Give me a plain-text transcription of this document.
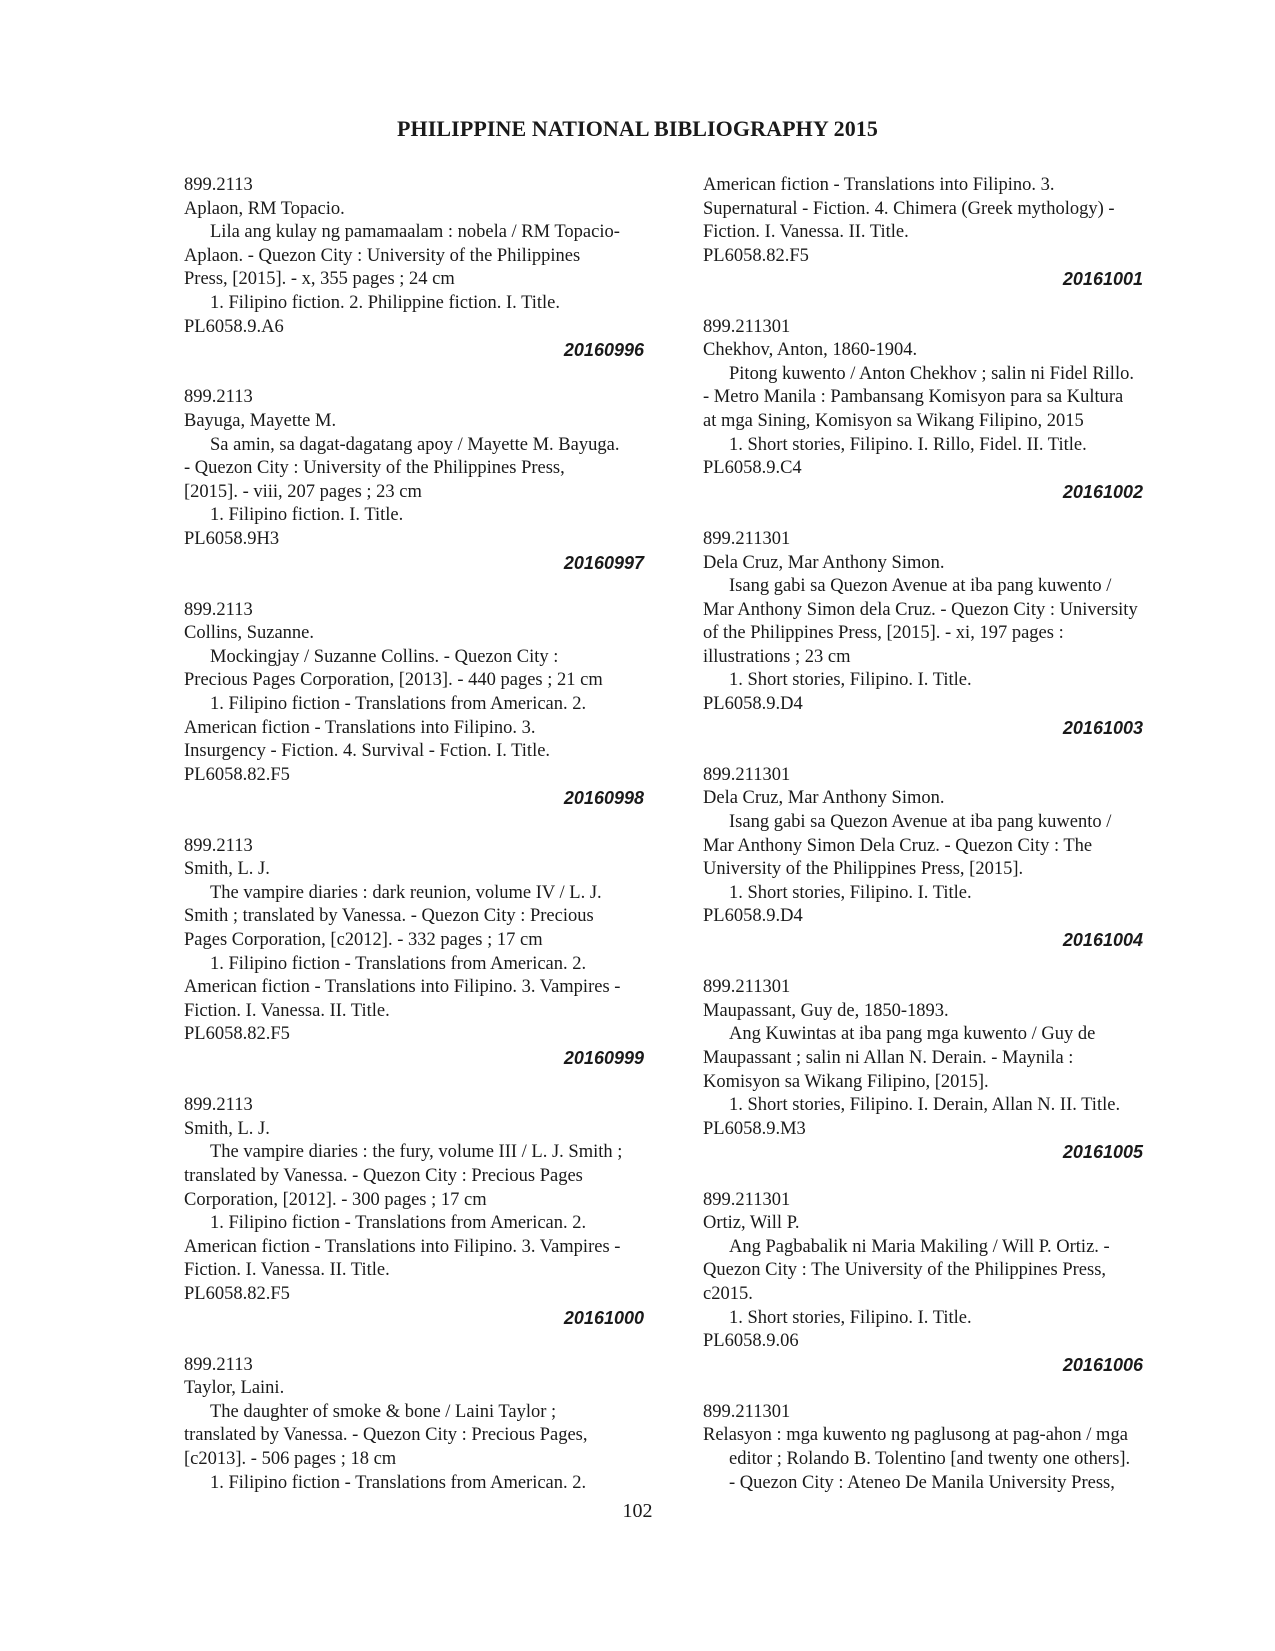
PHILIPPINE NATIONAL BIBLIOGRAPHY 2015
899.2113
Aplaon, RM Topacio.
Lila ang kulay ng pamamaalam : nobela / RM Topacio-
Aplaon. - Quezon City : University of the Philippines
Press, [2015]. - x, 355 pages ; 24 cm
1. Filipino fiction. 2. Philippine fiction. I. Title.
PL6058.9.A6
20160996
899.2113
Bayuga, Mayette M.
Sa amin, sa dagat-dagatang apoy / Mayette M. Bayuga.
- Quezon City : University of the Philippines Press,
[2015]. - viii, 207 pages ; 23 cm
1. Filipino fiction. I. Title.
PL6058.9H3
20160997
899.2113
Collins, Suzanne.
Mockingjay / Suzanne Collins. - Quezon City :
Precious Pages Corporation, [2013]. - 440 pages ; 21 cm
1. Filipino fiction - Translations from American. 2.
American fiction - Translations into Filipino. 3.
Insurgency - Fiction. 4. Survival - Fction. I. Title.
PL6058.82.F5
20160998
899.2113
Smith, L. J.
The vampire diaries : dark reunion, volume IV / L. J.
Smith ; translated by Vanessa. - Quezon City : Precious
Pages Corporation, [c2012]. - 332 pages ; 17 cm
1. Filipino fiction - Translations from American. 2.
American fiction - Translations into Filipino. 3. Vampires -
Fiction. I. Vanessa. II. Title.
PL6058.82.F5
20160999
899.2113
Smith, L. J.
The vampire diaries : the fury, volume III / L. J. Smith ;
translated by Vanessa. - Quezon City : Precious Pages
Corporation, [2012]. - 300 pages ; 17 cm
1. Filipino fiction - Translations from American. 2.
American fiction - Translations into Filipino. 3. Vampires -
Fiction. I. Vanessa. II. Title.
PL6058.82.F5
20161000
899.2113
Taylor, Laini.
The daughter of smoke & bone / Laini Taylor ;
translated by Vanessa. - Quezon City : Precious Pages,
[c2013]. - 506 pages ; 18 cm
1. Filipino fiction - Translations from American. 2.
American fiction - Translations into Filipino. 3.
Supernatural - Fiction. 4. Chimera (Greek mythology) -
Fiction. I. Vanessa. II. Title.
PL6058.82.F5
20161001
899.211301
Chekhov, Anton, 1860-1904.
Pitong kuwento / Anton Chekhov ; salin ni Fidel Rillo.
- Metro Manila : Pambansang Komisyon para sa Kultura
at mga Sining, Komisyon sa Wikang Filipino, 2015
1. Short stories, Filipino. I. Rillo, Fidel. II. Title.
PL6058.9.C4
20161002
899.211301
Dela Cruz, Mar Anthony Simon.
Isang gabi sa Quezon Avenue at iba pang kuwento /
Mar Anthony Simon dela Cruz. - Quezon City : University
of the Philippines Press, [2015]. - xi, 197 pages :
illustrations ; 23 cm
1. Short stories, Filipino. I. Title.
PL6058.9.D4
20161003
899.211301
Dela Cruz, Mar Anthony Simon.
Isang gabi sa Quezon Avenue at iba pang kuwento /
Mar Anthony Simon Dela Cruz. - Quezon City : The
University of the Philippines Press, [2015].
1. Short stories, Filipino. I. Title.
PL6058.9.D4
20161004
899.211301
Maupassant, Guy de, 1850-1893.
Ang Kuwintas at iba pang mga kuwento / Guy de
Maupassant ; salin ni Allan N. Derain. - Maynila :
Komisyon sa Wikang Filipino, [2015].
1. Short stories, Filipino. I. Derain, Allan N. II. Title.
PL6058.9.M3
20161005
899.211301
Ortiz, Will P.
Ang Pagbabalik ni Maria Makiling / Will P. Ortiz. -
Quezon City : The University of the Philippines Press,
c2015.
1. Short stories, Filipino. I. Title.
PL6058.9.06
20161006
899.211301
Relasyon : mga kuwento ng paglusong at pag-ahon / mga
editor ; Rolando B. Tolentino [and twenty one others].
- Quezon City : Ateneo De Manila University Press,
102
